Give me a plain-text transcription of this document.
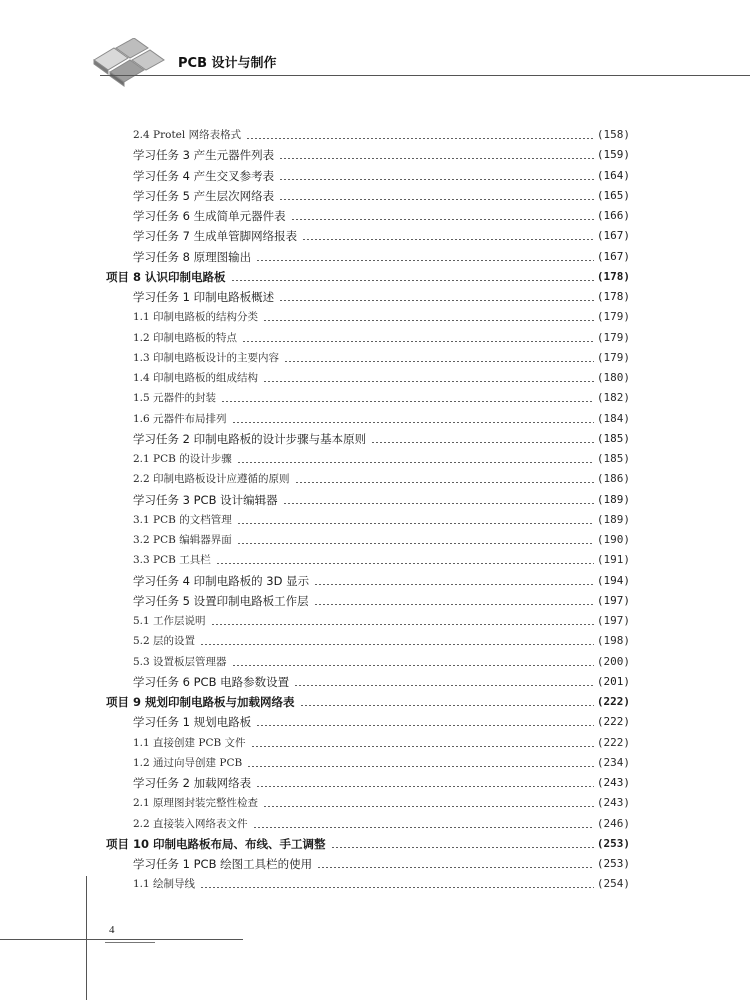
PCB 设计与制作
2.4 Protel 网络表格式	(158)
学习任务 3 产生元器件列表	(159)
学习任务 4 产生交叉参考表	(164)
学习任务 5 产生层次网络表	(165)
学习任务 6 生成简单元器件表	(166)
学习任务 7 生成单管脚网络报表	(167)
学习任务 8 原理图输出	(167)
项目 8 认识印制电路板	(178)
学习任务 1 印制电路板概述	(178)
1.1 印制电路板的结构分类	(179)
1.2 印制电路板的特点	(179)
1.3 印制电路板设计的主要内容	(179)
1.4 印制电路板的组成结构	(180)
1.5 元器件的封装	(182)
1.6 元器件布局排列	(184)
学习任务 2 印制电路板的设计步骤与基本原则	(185)
2.1 PCB 的设计步骤	(185)
2.2 印制电路板设计应遵循的原则	(186)
学习任务 3 PCB 设计编辑器	(189)
3.1 PCB 的文档管理	(189)
3.2 PCB 编辑器界面	(190)
3.3 PCB 工具栏	(191)
学习任务 4 印制电路板的 3D 显示	(194)
学习任务 5 设置印制电路板工作层	(197)
5.1 工作层说明	(197)
5.2 层的设置	(198)
5.3 设置板层管理器	(200)
学习任务 6 PCB 电路参数设置	(201)
项目 9 规划印制电路板与加载网络表	(222)
学习任务 1 规划电路板	(222)
1.1 直接创建 PCB 文件	(222)
1.2 通过向导创建 PCB	(234)
学习任务 2 加载网络表	(243)
2.1 原理图封装完整性检查	(243)
2.2 直接装入网络表文件	(246)
项目 10 印制电路板布局、布线、手工调整	(253)
学习任务 1 PCB 绘图工具栏的使用	(253)
1.1 绘制导线	(254)
4
